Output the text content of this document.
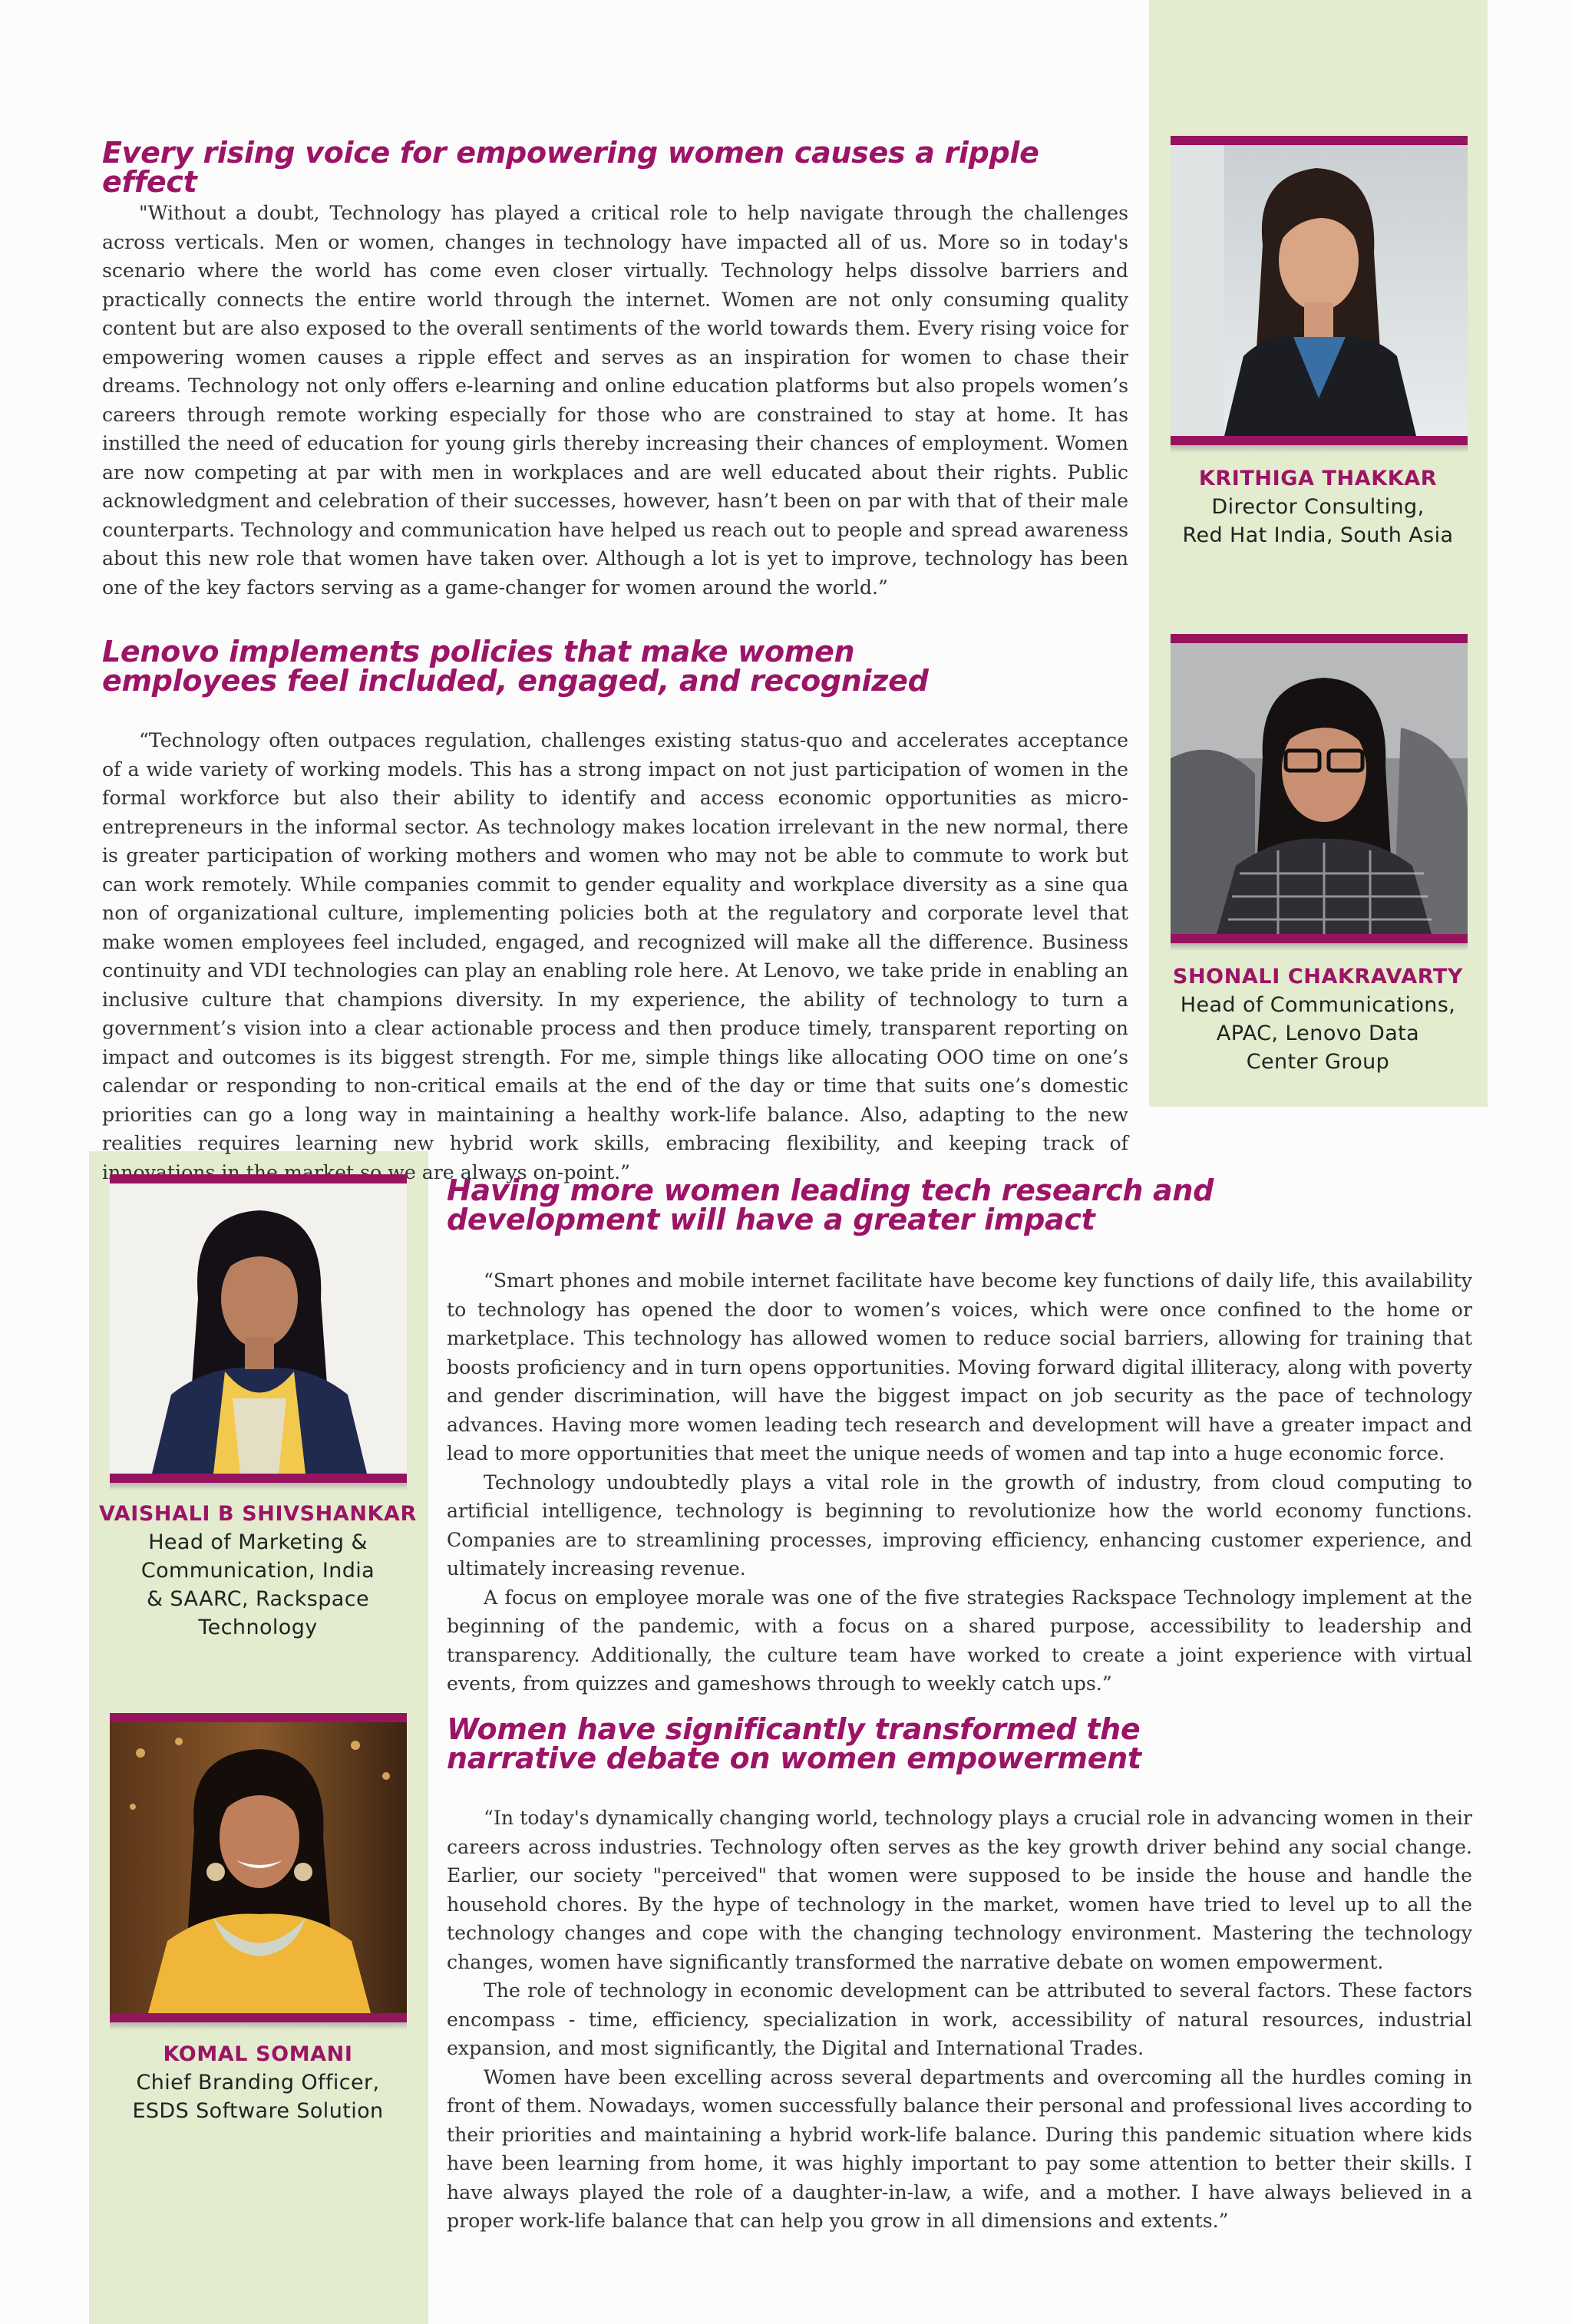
Every rising voice for empowering women causes a ripple effect

"Without a doubt, Technology has played a critical role to help navigate through the challenges across verticals. Men or women, changes in technology have impacted all of us. More so in today's scenario where the world has come even closer virtually. Technology helps dissolve barriers and practically connects the entire world through the internet. Women are not only consuming quality content but are also exposed to the overall sentiments of the world towards them. Every rising voice for empowering women causes a ripple effect and serves as an inspiration for women to chase their dreams. Technology not only offers e-learning and online education platforms but also propels women’s careers through remote working especially for those who are constrained to stay at home. It has instilled the need of education for young girls thereby increasing their chances of employment. Women are now competing at par with men in workplaces and are well educated about their rights. Public acknowledgment and celebration of their successes, however, hasn’t been on par with that of their male counterparts. Technology and communication have helped us reach out to people and spread awareness about this new role that women have taken over. Although a lot is yet to improve, technology has been one of the key factors serving as a game-changer for women around the world.”

KRITHIGA THAKKAR
Director Consulting,
Red Hat India, South Asia
Lenovo implements policies that make women
employees feel included, engaged, and recognized

“Technology often outpaces regulation, challenges existing status-quo and accelerates acceptance of a wide variety of working models. This has a strong impact on not just participation of women in the formal workforce but also their ability to identify and access economic opportunities as micro-entrepreneurs in the informal sector. As technology makes location irrelevant in the new normal, there is greater participation of working mothers and women who may not be able to commute to work but can work remotely. While companies commit to gender equality and workplace diversity as a sine qua non of organizational culture, implementing policies both at the regulatory and corporate level that make women employees feel included, engaged, and recognized will make all the difference. Business continuity and VDI technologies can play an enabling role here. At Lenovo, we take pride in enabling an inclusive culture that champions diversity. In my experience, the ability of technology to turn a government’s vision into a clear actionable process and then produce timely, transparent reporting on impact and outcomes is its biggest strength. For me, simple things like allocating OOO time on one’s calendar or responding to non-critical emails at the end of the day or time that suits one’s domestic priorities can go a long way in maintaining a healthy work-life balance. Also, adapting to the new realities requires learning new hybrid work skills, embracing flexibility, and keeping track of innovations in the market so we are always on-point.”

SHONALI CHAKRAVARTY
Head of Communications,
APAC, Lenovo Data
Center Group
Having more women leading tech research and
development will have a greater impact

“Smart phones and mobile internet facilitate have become key functions of daily life, this availability to technology has opened the door to women’s voices, which were once confined to the home or marketplace. This technology has allowed women to reduce social barriers, allowing for training that boosts proficiency and in turn opens opportunities. Moving forward digital illiteracy, along with poverty and gender discrimination, will have the biggest impact on job security as the pace of technology advances. Having more women leading tech research and development will have a greater impact and lead to more opportunities that meet the unique needs of women and tap into a huge economic force.

Technology undoubtedly plays a vital role in the growth of industry, from cloud computing to artificial intelligence, technology is beginning to revolutionize how the world economy functions. Companies are to streamlining processes, improving efficiency, enhancing customer experience, and ultimately increasing revenue.

A focus on employee morale was one of the five strategies Rackspace Technology implement at the beginning of the pandemic, with a focus on a shared purpose, accessibility to leadership and transparency. Additionally, the culture team have worked to create a joint experience with virtual events, from quizzes and gameshows through to weekly catch ups.”

VAISHALI B SHIVSHANKAR
Head of Marketing &
Communication, India
& SAARC, Rackspace
Technology
Women have significantly transformed the
narrative debate on women empowerment

“In today's dynamically changing world, technology plays a crucial role in advancing women in their careers across industries. Technology often serves as the key growth driver behind any social change. Earlier, our society "perceived" that women were supposed to be inside the house and handle the household chores. By the hype of technology in the market, women have tried to level up to all the technology changes and cope with the changing technology environment. Mastering the technology changes, women have significantly transformed the narrative debate on women empowerment.

The role of technology in economic development can be attributed to several factors. These factors encompass - time, efficiency, specialization in work, accessibility of natural resources, industrial expansion, and most significantly, the Digital and International Trades.

Women have been excelling across several departments and overcoming all the hurdles coming in front of them. Nowadays, women successfully balance their personal and professional lives according to their priorities and maintaining a hybrid work-life balance. During this pandemic situation where kids have been learning from home, it was highly important to pay some attention to better their skills. I have always played the role of a daughter-in-law, a wife, and a mother. I have always believed in a proper work-life balance that can help you grow in all dimensions and extents.”

KOMAL SOMANI
Chief Branding Officer,
ESDS Software Solution
